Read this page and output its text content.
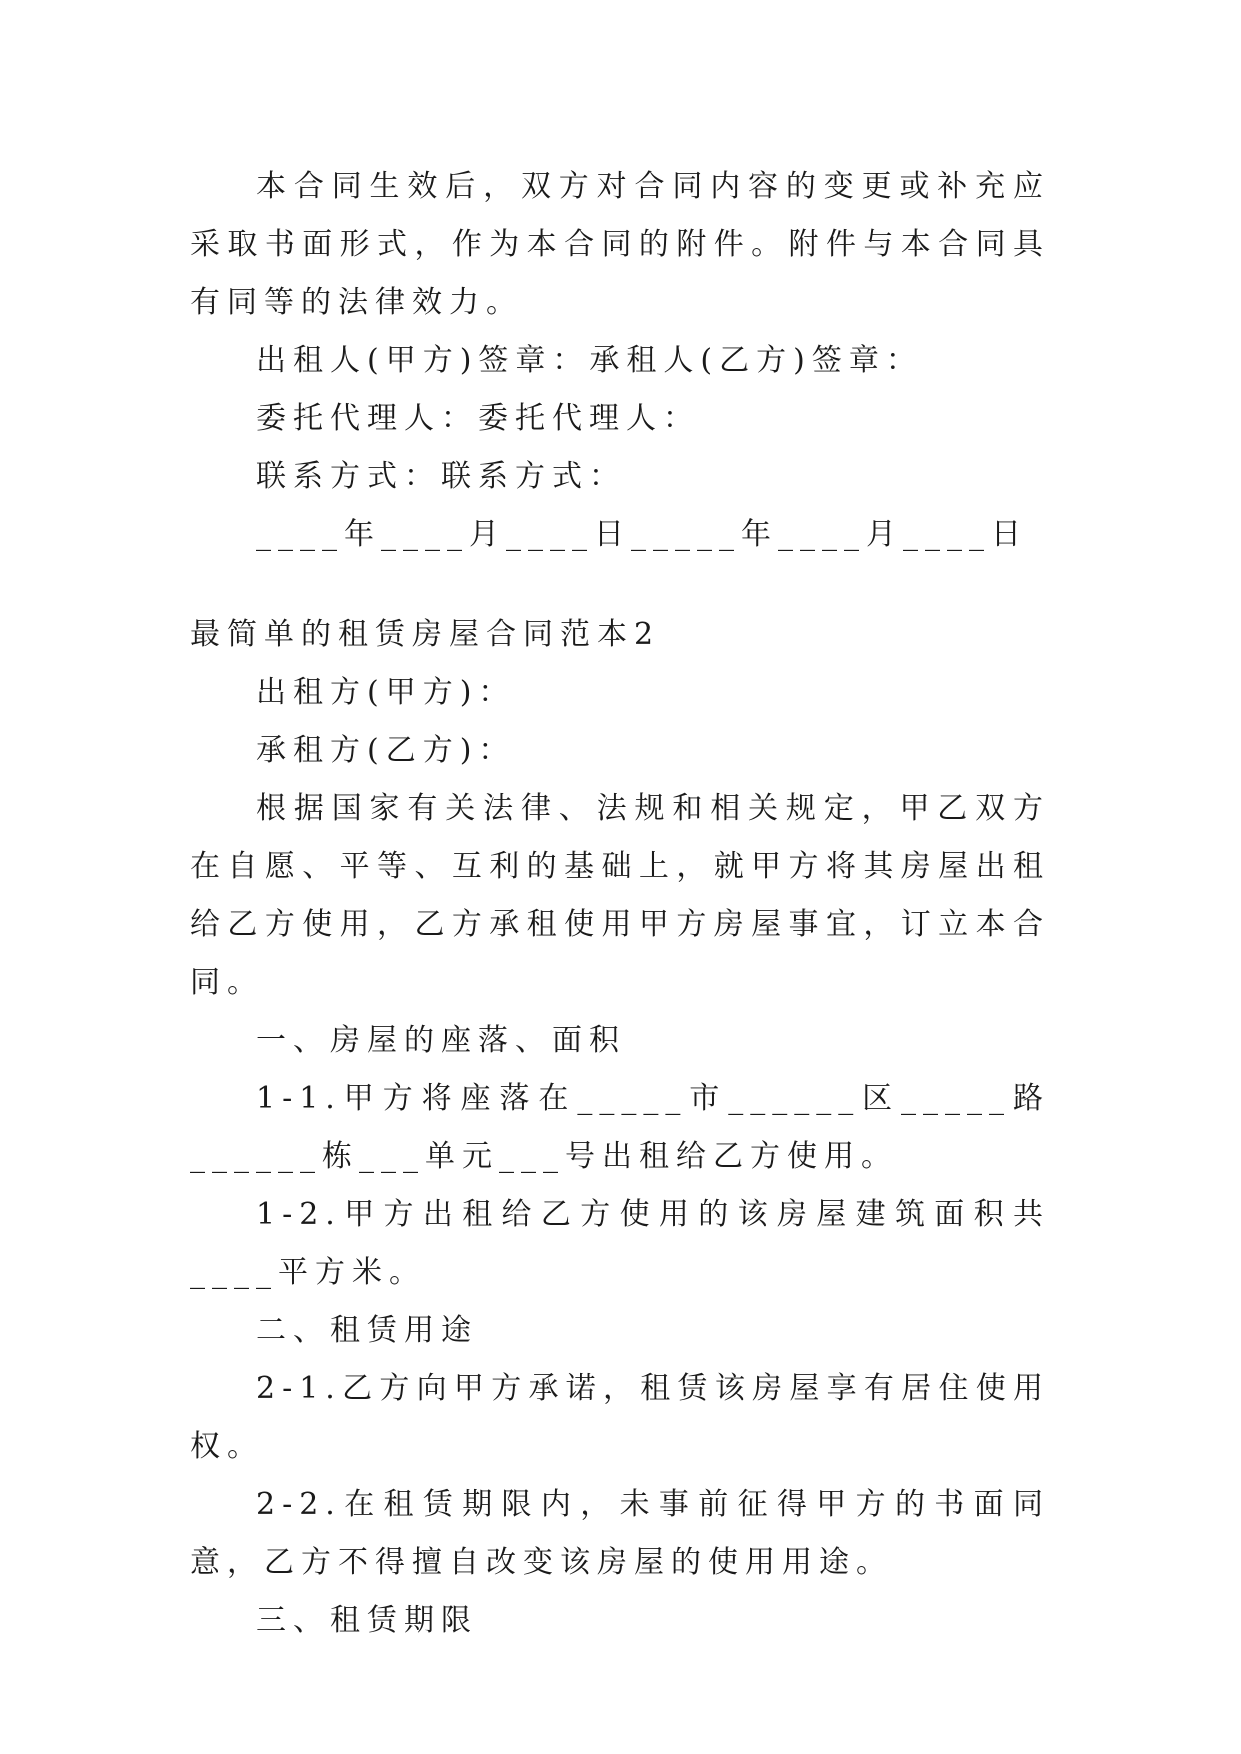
本合同生效后，双方对合同内容的变更或补充应采取书面形式，作为本合同的附件。附件与本合同具有同等的法律效力。

出租人(甲方)签章：承租人(乙方)签章：

委托代理人：委托代理人：

联系方式：联系方式：

____年____月____日_____年____月____日

最简单的租赁房屋合同范本2

出租方(甲方)：

承租方(乙方)：

根据国家有关法律、法规和相关规定，甲乙双方在自愿、平等、互利的基础上，就甲方将其房屋出租给乙方使用，乙方承租使用甲方房屋事宜，订立本合同。

一、房屋的座落、面积

1-1.甲方将座落在_____市______区_____路______栋___单元___号出租给乙方使用。

1-2.甲方出租给乙方使用的该房屋建筑面积共____平方米。

二、租赁用途

2-1.乙方向甲方承诺，租赁该房屋享有居住使用权。

2-2.在租赁期限内，未事前征得甲方的书面同意，乙方不得擅自改变该房屋的使用用途。

三、租赁期限
